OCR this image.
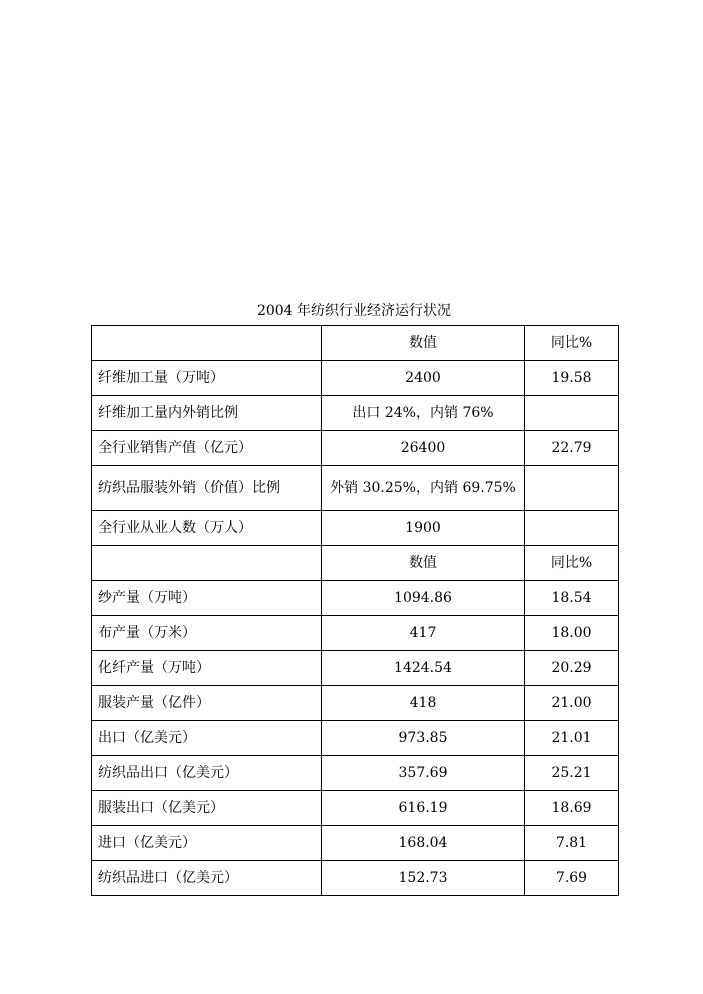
2004 年纺织行业经济运行状况
	数值	同比%
纤维加工量（万吨）	2400	19.58
纤维加工量内外销比例	出口 24%，内销 76%	
全行业销售产值（亿元）	26400	22.79
纺织品服装外销（价值）比例	外销 30.25%，内销 69.75%	
全行业从业人数（万人）	1900	
	数值	同比%
纱产量（万吨）	1094.86	18.54
布产量（万米）	417	18.00
化纤产量（万吨）	1424.54	20.29
服装产量（亿件）	418	21.00
出口（亿美元）	973.85	21.01
纺织品出口（亿美元）	357.69	25.21
服装出口（亿美元）	616.19	18.69
进口（亿美元）	168.04	7.81
纺织品进口（亿美元）	152.73	7.69
